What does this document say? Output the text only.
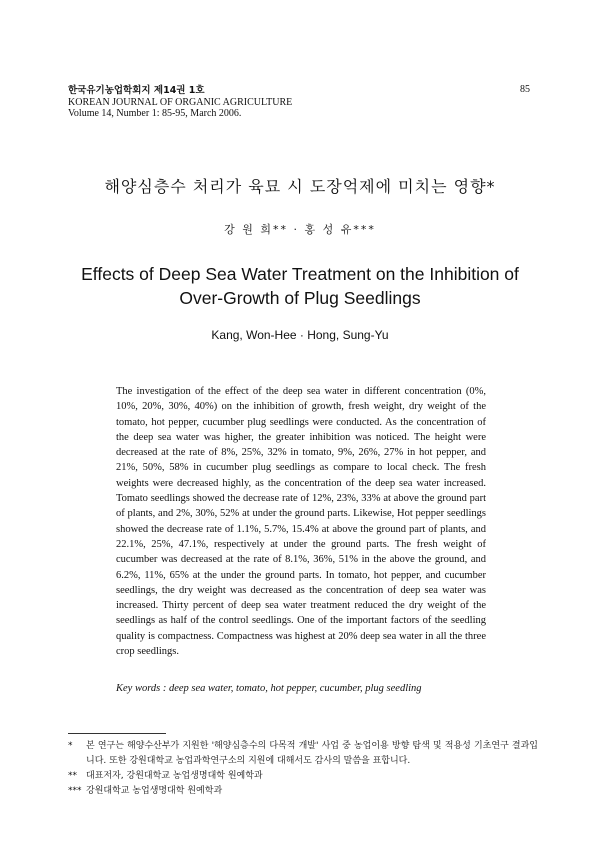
한국유기농업학회지 제14권 1호
KOREAN JOURNAL OF ORGANIC AGRICULTURE
Volume 14, Number 1: 85-95, March 2006.
85
해양심층수 처리가 육묘 시 도장억제에 미치는 영향*
강 원 희** · 홍 성 유***
Effects of Deep Sea Water Treatment on the Inhibition of
Over-Growth of Plug Seedlings
Kang, Won-Hee · Hong, Sung-Yu

The investigation of the effect of the deep sea water in different concentration (0%, 10%, 20%, 30%, 40%) on the inhibition of growth, fresh weight, dry weight of the tomato, hot pepper, cucumber plug seedlings were conducted. As the concentration of the deep sea water was higher, the greater inhibition was noticed. The height were decreased at the rate of 8%, 25%, 32% in tomato, 9%, 26%, 27% in hot pepper, and 21%, 50%, 58% in cucumber plug seedlings as compare to local check. The fresh weights were decreased highly, as the concentration of the deep sea water increased. Tomato seedlings showed the decrease rate of 12%, 23%, 33% at above the ground part of plants, and 2%, 30%, 52% at under the ground parts. Likewise, Hot pepper seedlings showed the decrease rate of 1.1%, 5.7%, 15.4% at above the ground part of plants, and 22.1%, 25%, 47.1%, respectively at under the ground parts. The fresh weight of cucumber was decreased at the rate of 8.1%, 36%, 51% in the above the ground, and 6.2%, 11%, 65% at the under the ground parts. In tomato, hot pepper, and cucumber seedlings, the dry weight was decreased as the concentration of deep sea water was increased. Thirty percent of deep sea water treatment reduced the dry weight of the seedlings as half of the control seedlings. One of the important factors of the seedling quality is compactness. Compactness was highest at 20% deep sea water in all the three crop seedlings.

Key words : deep sea water, tomato, hot pepper, cucumber, plug seedling
*	본 연구는 해양수산부가 지원한 '해양심층수의 다목적 개발' 사업 중 농업이용 방향 탐색 및 적용성 기초연구 결과입니다. 또한 강원대학교 농업과학연구소의 지원에 대해서도 감사의 말씀을 표합니다.
**	대표저자, 강원대학교 농업생명대학 원예학과
*** 강원대학교 농업생명대학 원예학과
